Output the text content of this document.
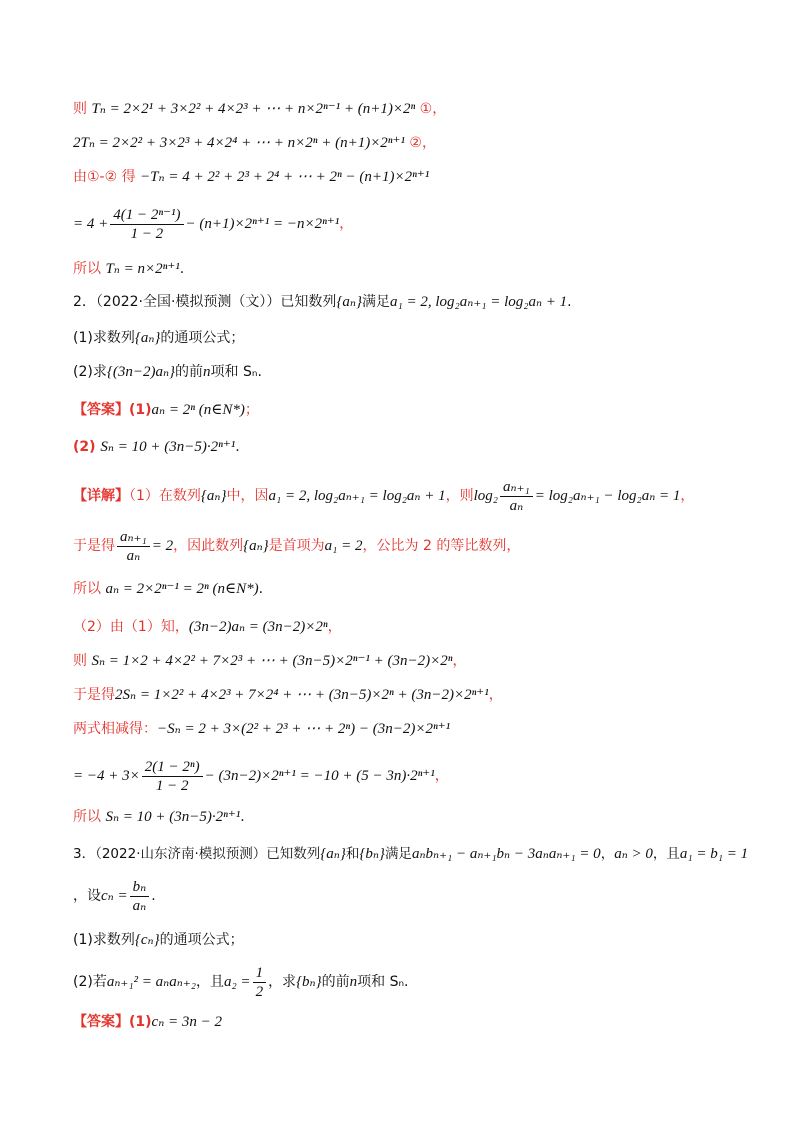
则 Tₙ = 2×2¹ + 3×2² + 4×2³ + ⋯ + n×2ⁿ⁻¹ + (n+1)×2ⁿ ①，
2Tₙ = 2×2² + 3×2³ + 4×2⁴ + ⋯ + n×2ⁿ + (n+1)×2ⁿ⁺¹ ②，
由①-② 得 −Tₙ = 4 + 2² + 2³ + 2⁴ + ⋯ + 2ⁿ − (n+1)×2ⁿ⁺¹
= $4 + \frac{\text{4(1 − 2ⁿ⁻¹)}}{1 - 2} - (n+1)\times 2^{n+1} = -n\times 2^{n+1}$，
所以 Tₙ = n×2ⁿ⁺¹.
2．（2022·全国·模拟预测（文））已知数列{aₙ}满足a₁ = 2, log₂aₙ₊₁ = log₂aₙ + 1.
(1)求数列{aₙ}的通项公式；
(2)求{(3n−2)aₙ}的前n项和 Sₙ.
【答案】(1)aₙ = 2ⁿ (n∈N*)；
(2) Sₙ = 10 + (3n−5)·2ⁿ⁺¹.
【详解】（1）在数列{aₙ}中，因a₁ = 2, log₂aₙ₊₁ = log₂aₙ + 1，则$\log_2 \frac{\text{aₙ₊₁}}{\text{aₙ}} = \log_2a_{n+1} - \log_2a_n = 1$，
于是得 $\frac{\text{aₙ₊₁}}{\text{aₙ}} = 2$，因此数列{aₙ}是首项为a₁ = 2，公比为 2 的等比数列，
所以 aₙ = 2×2ⁿ⁻¹ = 2ⁿ (n∈N*).
（2）由（1）知，(3n−2)aₙ = (3n−2)×2ⁿ，
则 Sₙ = 1×2 + 4×2² + 7×2³ + ⋯ + (3n−5)×2ⁿ⁻¹ + (3n−2)×2ⁿ，
于是得2Sₙ = 1×2² + 4×2³ + 7×2⁴ + ⋯ + (3n−5)×2ⁿ + (3n−2)×2ⁿ⁺¹，
两式相减得：−Sₙ = 2 + 3×(2² + 2³ + ⋯ + 2ⁿ) − (3n−2)×2ⁿ⁺¹
= $-4 + 3\times \frac{\text{2(1 − 2ⁿ)}}{1 - 2} - (3n-2)\times 2^{n+1} = -10 + (5 - 3n)\cdot 2^{n+1}$，
所以 Sₙ = 10 + (3n−5)·2ⁿ⁺¹.
3．（2022·山东济南·模拟预测）已知数列{aₙ}和{bₙ}满足aₙbₙ₊₁ − aₙ₊₁bₙ − 3aₙaₙ₊₁ = 0，aₙ > 0，且a₁ = b₁ = 1
，设$c_n = \frac{\text{bₙ}}{\text{aₙ}}$ .
(1)求数列{cₙ}的通项公式；
(2)若aₙ₊₁² = aₙaₙ₊₂，且$a_2 = \frac{1}{2}$ ，求{bₙ}的前n项和 Sₙ.
【答案】(1)cₙ = 3n − 2
